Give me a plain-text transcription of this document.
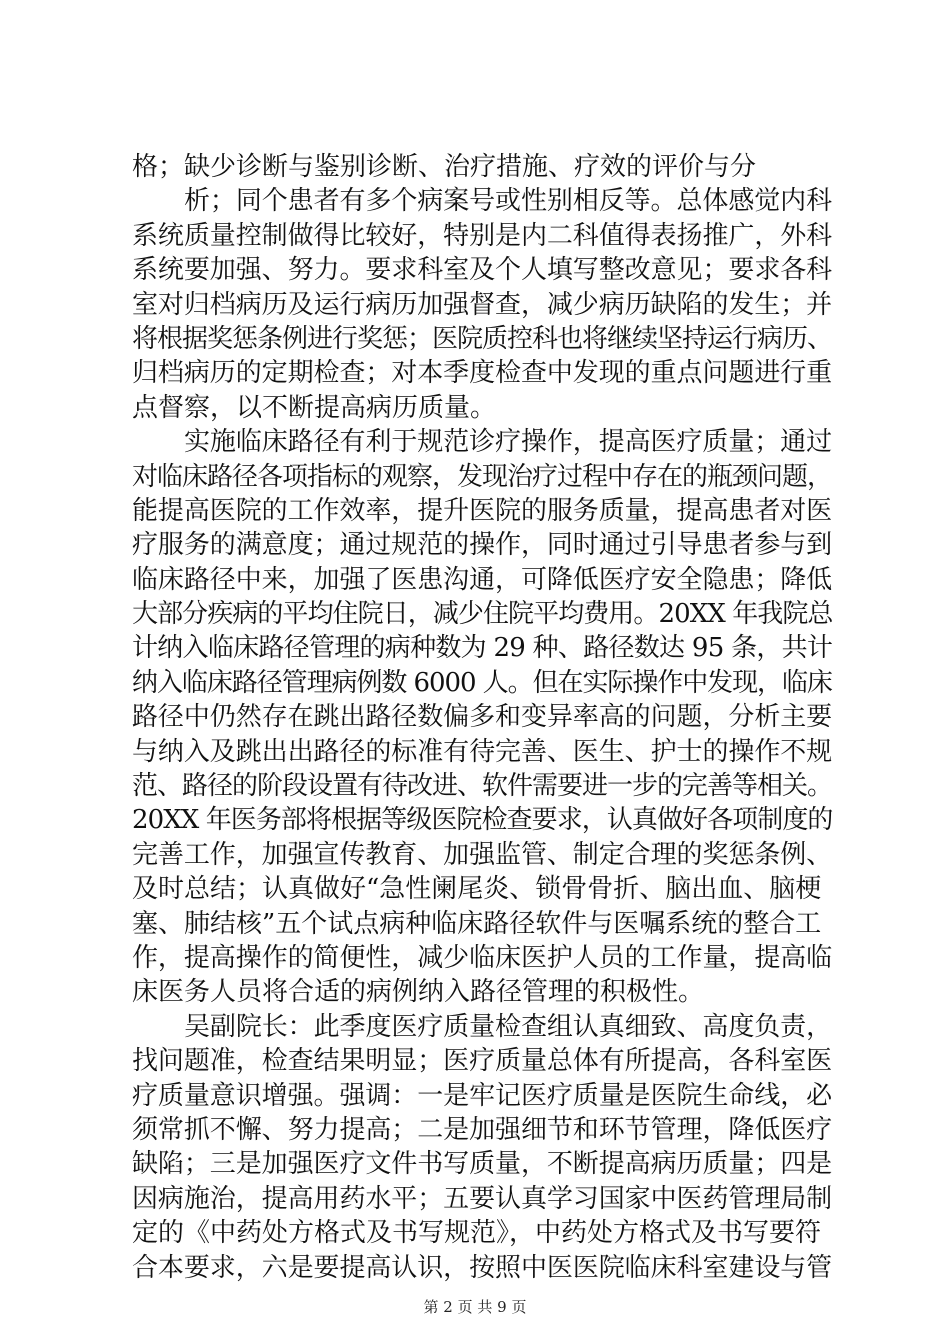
格；缺少诊断与鉴别诊断、治疗措施、疗效的评价与分
析；同个患者有多个病案号或性别相反等。总体感觉内科
系统质量控制做得比较好，特别是内二科值得表扬推广，外科
系统要加强、努力。要求科室及个人填写整改意见；要求各科
室对归档病历及运行病历加强督查，减少病历缺陷的发生；并
将根据奖惩条例进行奖惩；医院质控科也将继续坚持运行病历、
归档病历的定期检查；对本季度检查中发现的重点问题进行重
点督察，以不断提高病历质量。
实施临床路径有利于规范诊疗操作，提高医疗质量；通过
对临床路径各项指标的观察，发现治疗过程中存在的瓶颈问题，
能提高医院的工作效率，提升医院的服务质量，提高患者对医
疗服务的满意度；通过规范的操作，同时通过引导患者参与到
临床路径中来，加强了医患沟通，可降低医疗安全隐患；降低
大部分疾病的平均住院日，减少住院平均费用。20XX 年我院总
计纳入临床路径管理的病种数为 29 种、路径数达 95 条，共计
纳入临床路径管理病例数 6000 人。但在实际操作中发现，临床
路径中仍然存在跳出路径数偏多和变异率高的问题，分析主要
与纳入及跳出出路径的标准有待完善、医生、护士的操作不规
范、路径的阶段设置有待改进、软件需要进一步的完善等相关。
20XX 年医务部将根据等级医院检查要求，认真做好各项制度的
完善工作，加强宣传教育、加强监管、制定合理的奖惩条例、
及时总结；认真做好“急性阑尾炎、锁骨骨折、脑出血、脑梗
塞、肺结核”五个试点病种临床路径软件与医嘱系统的整合工
作，提高操作的简便性，减少临床医护人员的工作量，提高临
床医务人员将合适的病例纳入路径管理的积极性。
吴副院长：此季度医疗质量检查组认真细致、高度负责，
找问题准，检查结果明显；医疗质量总体有所提高，各科室医
疗质量意识增强。强调：一是牢记医疗质量是医院生命线，必
须常抓不懈、努力提高；二是加强细节和环节管理，降低医疗
缺陷；三是加强医疗文件书写质量，不断提高病历质量；四是
因病施治，提高用药水平；五要认真学习国家中医药管理局制
定的《中药处方格式及书写规范》，中药处方格式及书写要符
合本要求，六是要提高认识，按照中医医院临床科室建设与管
第 2 页 共 9 页
